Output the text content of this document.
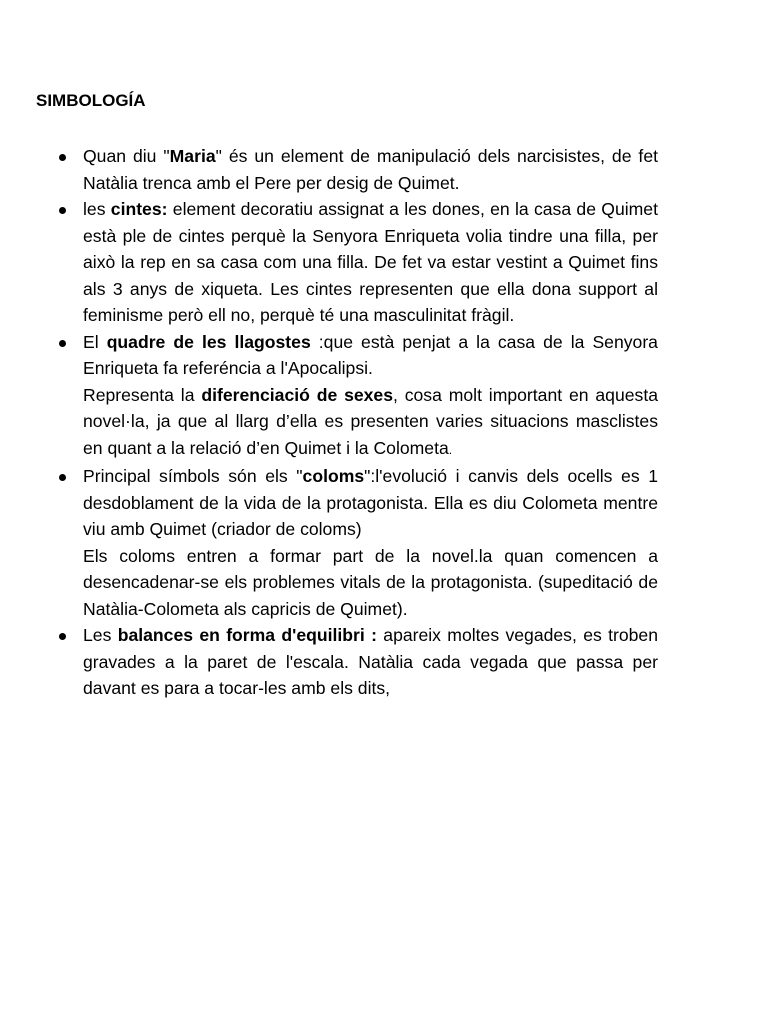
SIMBOLOGÍA
Quan diu "Maria" és un element de manipulació dels narcisistes, de fet Natàlia trenca amb el Pere per desig de Quimet.
les cintes: element decoratiu assignat a les dones, en la casa de Quimet està ple de cintes perquè la Senyora Enriqueta volia tindre una filla, per això la rep en sa casa com una filla. De fet va estar vestint a Quimet fins als 3 anys de xiqueta. Les cintes representen que ella dona support al feminisme però ell no, perquè té una masculinitat fràgil.
El quadre de les llagostes :que està penjat a la casa de la Senyora Enriqueta fa referéncia a l'Apocalipsi.
Representa la diferenciació de sexes, cosa molt important en aquesta novel·la, ja que al llarg d’ella es presenten varies situacions masclistes en quant a la relació d’en Quimet i la Colometa.
Principal símbols són els "coloms":l'evolució i canvis dels ocells es 1 desdoblament de la vida de la protagonista. Ella es diu Colometa mentre viu amb Quimet (criador de coloms)
Els coloms entren a formar part de la novel.la quan comencen a desencadenar-se els problemes vitals de la protagonista. (supeditació de Natàlia-Colometa als capricis de Quimet).
Les balances en forma d'equilibri : apareix moltes vegades, es troben gravades a la paret de l'escala. Natàlia cada vegada que passa per davant es para a tocar-les amb els dits,
